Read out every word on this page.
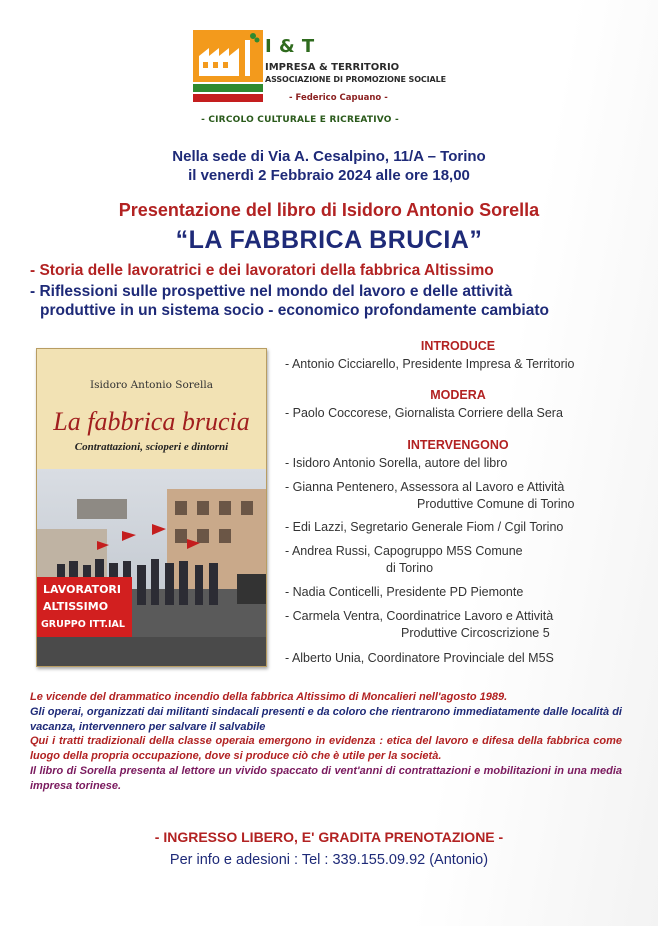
I & T
IMPRESA & TERRITORIO
ASSOCIAZIONE DI PROMOZIONE SOCIALE
- Federico Capuano -
- CIRCOLO CULTURALE E RICREATIVO -
Nella sede di Via A. Cesalpino, 11/A – Torino
il venerdì 2 Febbraio 2024 alle ore 18,00
Presentazione del libro di Isidoro Antonio Sorella
“LA FABBRICA BRUCIA”
- Storia delle lavoratrici e dei lavoratori della fabbrica Altissimo
- Riflessioni sulle prospettive nel mondo del lavoro e delle attività
produttive in un sistema socio - economico profondamente cambiato
Isidoro Antonio Sorella
La fabbrica brucia
Contrattazioni, scioperi e dintorni
LAVORATORI
ALTISSIMO
GRUPPO ITT.IAL
INTRODUCE
- Antonio Cicciarello, Presidente Impresa & Territorio
MODERA
- Paolo Coccorese, Giornalista Corriere della Sera
INTERVENGONO
- Isidoro Antonio Sorella, autore del libro
- Gianna Pentenero, Assessora al Lavoro e Attività
Produttive Comune di Torino
- Edi Lazzi, Segretario Generale Fiom / Cgil Torino
- Andrea Russi, Capogruppo M5S Comune
di Torino
- Nadia Conticelli, Presidente PD Piemonte
- Carmela Ventra, Coordinatrice Lavoro e Attività
Produttive Circoscrizione 5
- Alberto Unia, Coordinatore Provinciale del M5S

Le vicende del drammatico incendio della fabbrica Altissimo di Moncalieri nell'agosto 1989.

Gli operai, organizzati dai militanti sindacali presenti e da coloro che rientrarono immediatamente dalle località di vacanza, intervennero per salvare il salvabile

Qui i tratti tradizionali della classe operaia emergono in evidenza : etica del lavoro e difesa della fabbrica come luogo della propria occupazione, dove si produce ciò che è utile per la società.

Il libro di Sorella presenta al lettore un vivido spaccato di vent'anni di contrattazioni e mobilitazioni in una media impresa torinese.

- INGRESSO LIBERO, E' GRADITA PRENOTAZIONE -
Per info e adesioni : Tel : 339.155.09.92 (Antonio)
